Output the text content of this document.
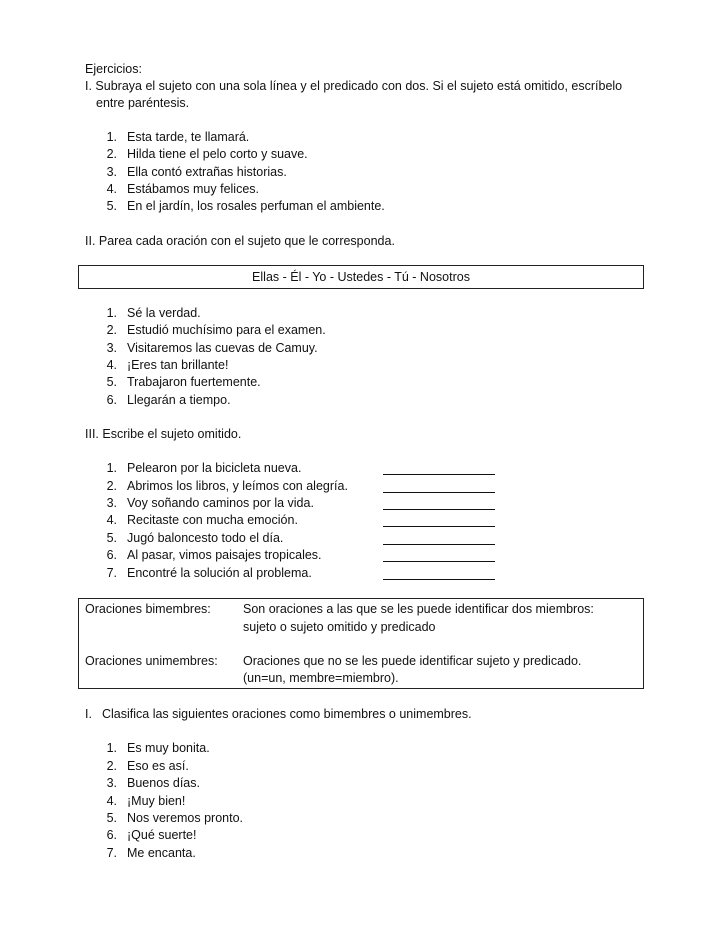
Ejercicios:
I. Subraya el sujeto con una sola línea y el predicado con dos. Si el sujeto está omitido, escríbelo
entre paréntesis.
1. Esta tarde, te llamará.
2. Hilda tiene el pelo corto y suave.
3. Ella contó extrañas historias.
4. Estábamos muy felices.
5. En el jardín, los rosales perfuman el ambiente.
II. Parea cada oración con el sujeto que le corresponda.
Ellas - Él - Yo - Ustedes - Tú - Nosotros
1. Sé la verdad.
2. Estudió muchísimo para el examen.
3. Visitaremos las cuevas de Camuy.
4. ¡Eres tan brillante!
5. Trabajaron fuertemente.
6. Llegarán a tiempo.
III. Escribe el sujeto omitido.
1. Pelearon por la bicicleta nueva.
2. Abrimos los libros, y leímos con alegría.
3. Voy soñando caminos por la vida.
4. Recitaste con mucha emoción.
5. Jugó baloncesto todo el día.
6. Al pasar, vimos paisajes tropicales.
7. Encontré la solución al problema.
Oraciones bimembres:	Son oraciones a las que se les puede identificar dos miembros:
sujeto o sujeto omitido y predicado
Oraciones unimembres: Oraciones que no se les puede identificar sujeto y predicado.
(un=un, membre=miembro).
I. Clasifica las siguientes oraciones como bimembres o unimembres.
1. Es muy bonita.
2. Eso es así.
3. Buenos días.
4. ¡Muy bien!
5. Nos veremos pronto.
6. ¡Qué suerte!
7. Me encanta.
